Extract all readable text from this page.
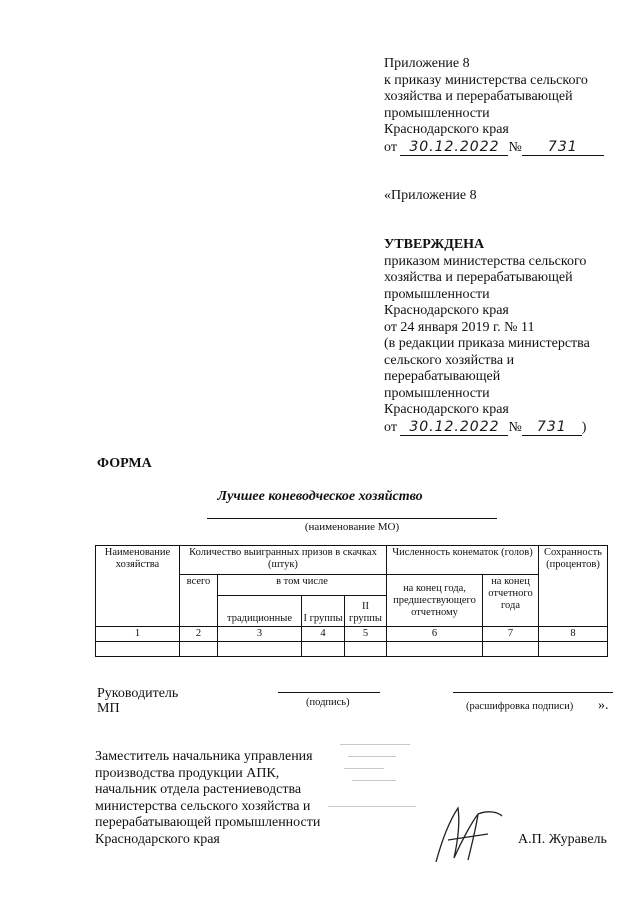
Приложение 8
к приказу министерства сельского
хозяйства и перерабатывающей
промышленности
Краснодарского края
от 30.12.2022 № 731
«Приложение 8
УТВЕРЖДЕНА
приказом министерства сельского
хозяйства и перерабатывающей
промышленности
Краснодарского края
от 24 января 2019 г. № 11
(в редакции приказа министерства
сельского хозяйства и
перерабатывающей
промышленности
Краснодарского края
от 30.12.2022 № 731 )
ФОРМА
Лучшее коневодческое хозяйство
(наименование МО)
Наименование хозяйства	Количество выигранных призов в скачках (штук)				Численность конематок (голов)		Сохранность (процентов)
	всего	в том числе			на конец года, предшествующего отчетному	на конец отчетного года	
		традиционные	I группы	II группы			
1	2	3	4	5	6	7	8

Руководитель
МП	(подпись)	(расшифровка подписи) ».
Заместитель начальника управления
производства продукции АПК,
начальник отдела растениеводства
министерства сельского хозяйства и
перерабатывающей промышленности
Краснодарского края	А.П. Журавель
